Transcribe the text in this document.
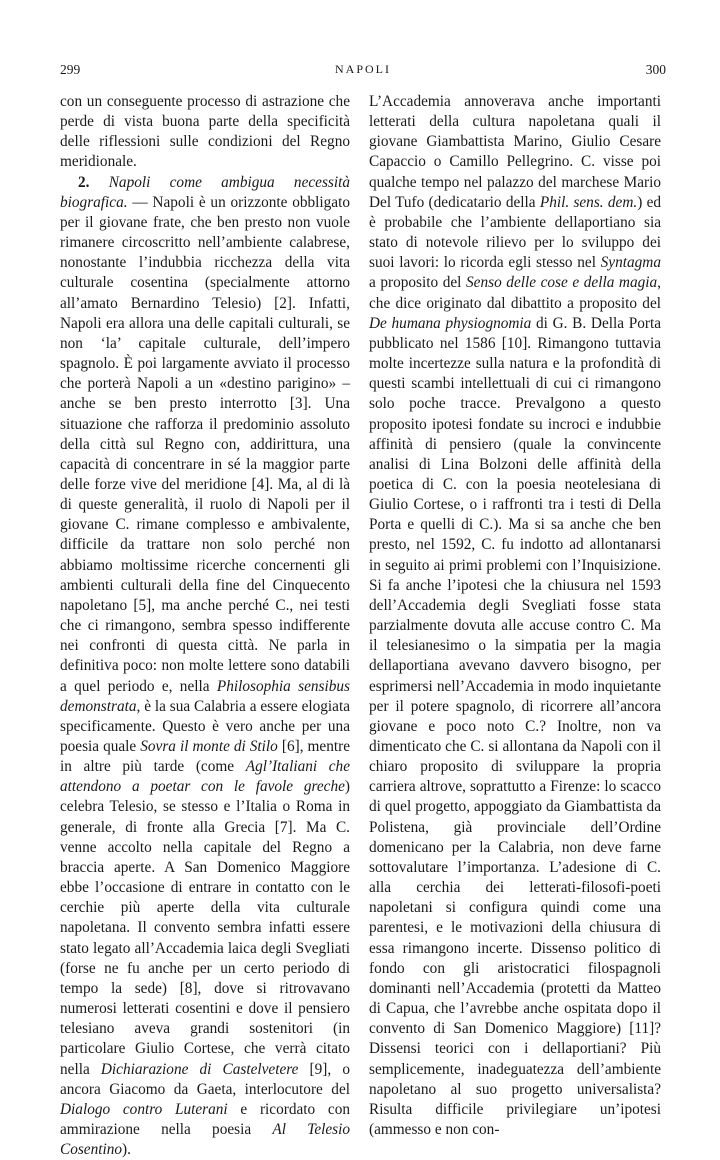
299	NAPOLI	300

con un conseguente processo di astrazione che perde di vista buona parte della specificità delle riflessioni sulle condizioni del Regno meridionale.

2. Napoli come ambigua necessità biografica. — Napoli è un orizzonte obbligato per il giovane frate, che ben presto non vuole rimanere circoscritto nell’ambiente calabrese, nonostante l’indubbia ricchezza della vita culturale cosentina (specialmente attorno all’amato Bernardino Telesio) [2]. Infatti, Napoli era allora una delle capitali culturali, se non ‘la’ capitale culturale, dell’impero spagnolo. È poi largamente avviato il processo che porterà Napoli a un «destino parigino» – anche se ben presto interrotto [3]. Una situazione che rafforza il predominio assoluto della città sul Regno con, addirittura, una capacità di concentrare in sé la maggior parte delle forze vive del meridione [4]. Ma, al di là di queste generalità, il ruolo di Napoli per il giovane C. rimane complesso e ambivalente, difficile da trattare non solo perché non abbiamo moltissime ricerche concernenti gli ambienti culturali della fine del Cinquecento napoletano [5], ma anche perché C., nei testi che ci rimangono, sembra spesso indifferente nei confronti di questa città. Ne parla in definitiva poco: non molte lettere sono databili a quel periodo e, nella Philosophia sensibus demonstrata, è la sua Calabria a essere elogiata specificamente. Questo è vero anche per una poesia quale Sovra il monte di Stilo [6], mentre in altre più tarde (come Agl’Italiani che attendono a poetar con le favole greche) celebra Telesio, se stesso e l’Italia o Roma in generale, di fronte alla Grecia [7]. Ma C. venne accolto nella capitale del Regno a braccia aperte. A San Domenico Maggiore ebbe l’occasione di entrare in contatto con le cerchie più aperte della vita culturale napoletana. Il convento sembra infatti essere stato legato all’Accademia laica degli Svegliati (forse ne fu anche per un certo periodo di tempo la sede) [8], dove si ritrovavano numerosi letterati cosentini e dove il pensiero telesiano aveva grandi sostenitori (in particolare Giulio Cortese, che verrà citato nella Dichiarazione di Castelvetere [9], o ancora Giacomo da Gaeta, interlocutore del Dialogo contro Luterani e ricordato con ammirazione nella poesia Al Telesio Cosentino).

L’Accademia annoverava anche importanti letterati della cultura napoletana quali il giovane Giambattista Marino, Giulio Cesare Capaccio o Camillo Pellegrino. C. visse poi qualche tempo nel palazzo del marchese Mario Del Tufo (dedicatario della Phil. sens. dem.) ed è probabile che l’ambiente dellaportiano sia stato di notevole rilievo per lo sviluppo dei suoi lavori: lo ricorda egli stesso nel Syntagma a proposito del Senso delle cose e della magia, che dice originato dal dibattito a proposito del De humana physiognomia di G. B. Della Porta pubblicato nel 1586 [10]. Rimangono tuttavia molte incertezze sulla natura e la profondità di questi scambi intellettuali di cui ci rimangono solo poche tracce. Prevalgono a questo proposito ipotesi fondate su incroci e indubbie affinità di pensiero (quale la convincente analisi di Lina Bolzoni delle affinità della poetica di C. con la poesia neotelesiana di Giulio Cortese, o i raffronti tra i testi di Della Porta e quelli di C.). Ma si sa anche che ben presto, nel 1592, C. fu indotto ad allontanarsi in seguito ai primi problemi con l’Inquisizione. Si fa anche l’ipotesi che la chiusura nel 1593 dell’Accademia degli Svegliati fosse stata parzialmente dovuta alle accuse contro C. Ma il telesianesimo o la simpatia per la magia dellaportiana avevano davvero bisogno, per esprimersi nell’Accademia in modo inquietante per il potere spagnolo, di ricorrere all’ancora giovane e poco noto C.? Inoltre, non va dimenticato che C. si allontana da Napoli con il chiaro proposito di sviluppare la propria carriera altrove, soprattutto a Firenze: lo scacco di quel progetto, appoggiato da Giambattista da Polistena, già provinciale dell’Ordine domenicano per la Calabria, non deve farne sottovalutare l’importanza. L’adesione di C. alla cerchia dei letterati-filosofi-poeti napoletani si configura quindi come una parentesi, e le motivazioni della chiusura di essa rimangono incerte. Dissenso politico di fondo con gli aristocratici filospagnoli dominanti nell’Accademia (protetti da Matteo di Capua, che l’avrebbe anche ospitata dopo il convento di San Domenico Maggiore) [11]? Dissensi teorici con i dellaportiani? Più semplicemente, inadeguatezza dell’ambiente napoletano al suo progetto universalista? Risulta difficile privilegiare un’ipotesi (ammesso e non con-
